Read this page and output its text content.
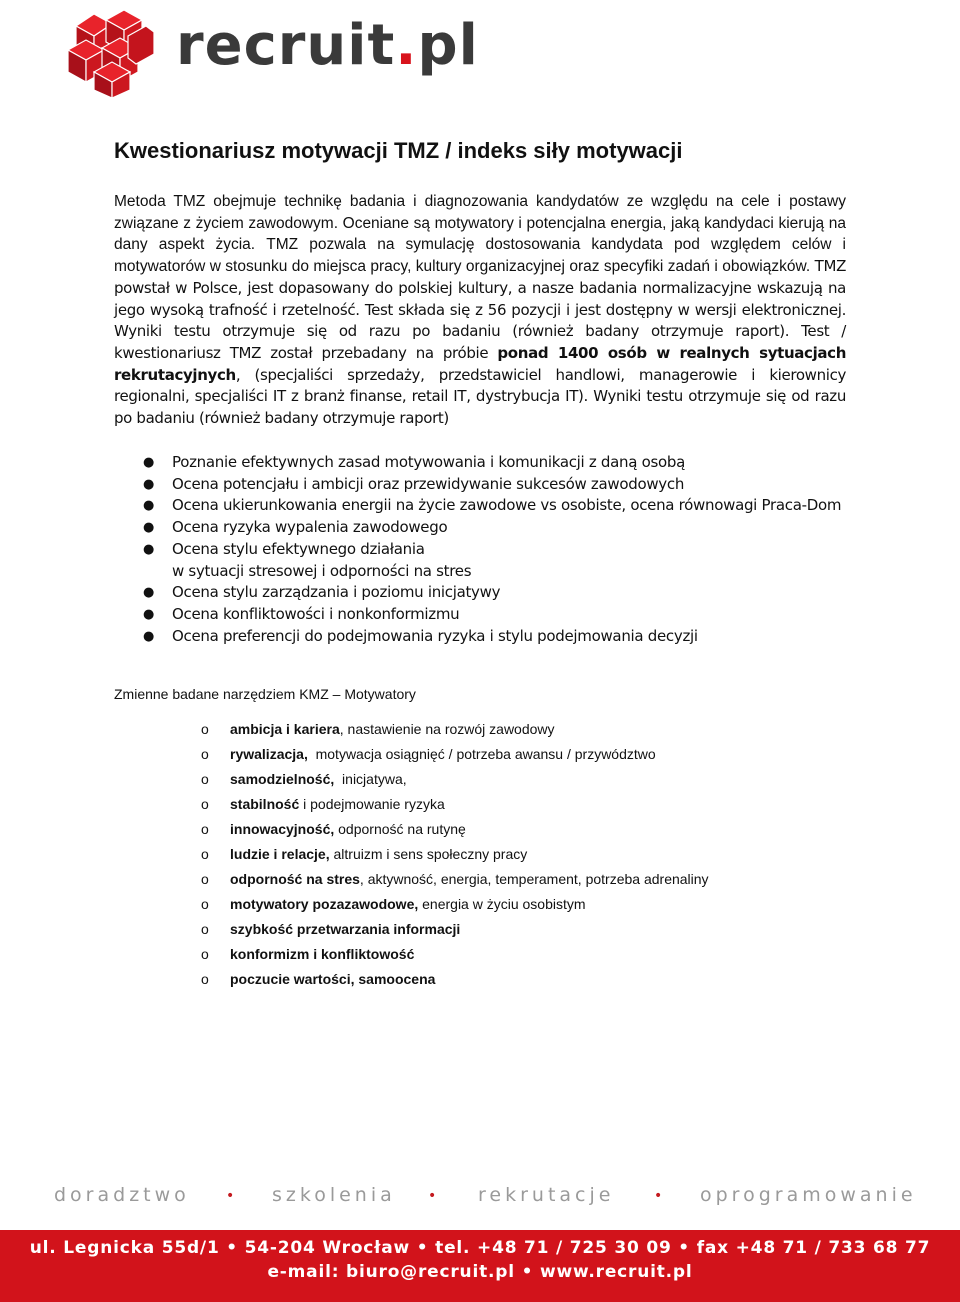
recruit.pl
Kwestionariusz motywacji TMZ / indeks siły motywacji

Metoda TMZ obejmuje technikę badania i diagnozowania kandydatów ze względu na cele i postawy związane z życiem zawodowym. Oceniane są motywatory i potencjalna energia, jaką kandydaci kierują na dany aspekt życia. TMZ pozwala na symulację dostosowania kandydata pod względem celów i motywatorów w stosunku do miejsca pracy, kultury organizacyjnej oraz specyfiki zadań i obowiązków. TMZ powstał w Polsce, jest dopasowany do polskiej kultury, a nasze badania normalizacyjne wskazują na jego wysoką trafność i rzetelność. Test składa się z 56 pozycji i jest dostępny w wersji elektronicznej. Wyniki testu otrzymuje się od razu po badaniu (również badany otrzymuje raport). Test / kwestionariusz TMZ został przebadany na próbie ponad 1400 osób w realnych sytuacjach rekrutacyjnych, (specjaliści sprzedaży, przedstawiciel handlowi, managerowie i kierownicy regionalni, specjaliści IT z branż finanse, retail IT, dystrybucja IT). Wyniki testu otrzymuje się od razu po badaniu (również badany otrzymuje raport)

● Poznanie efektywnych zasad motywowania i komunikacji z daną osobą
● Ocena potencjału i ambicji oraz przewidywanie sukcesów zawodowych
● Ocena ukierunkowania energii na życie zawodowe vs osobiste, ocena równowagi Praca-Dom
● Ocena ryzyka wypalenia zawodowego
● Ocena stylu efektywnego działania
w sytuacji stresowej i odporności na stres
● Ocena stylu zarządzania i poziomu inicjatywy
● Ocena konfliktowości i nonkonformizmu
● Ocena preferencji do podejmowania ryzyka i stylu podejmowania decyzji

Zmienne badane narzędziem KMZ – Motywatory

o ambicja i kariera, nastawienie na rozwój zawodowy
o rywalizacja,  motywacja osiągnięć / potrzeba awansu / przywództwo
o samodzielność,  inicjatywa,
o stabilność i podejmowanie ryzyka
o innowacyjność, odporność na rutynę
o ludzie i relacje, altruizm i sens społeczny pracy
o odporność na stres, aktywność, energia, temperament, potrzeba adrenaliny
o motywatory pozazawodowe, energia w życiu osobistym
o szybkość przetwarzania informacji
o konformizm i konfliktowość
o poczucie wartości, samoocena
doradztwo	• szkolenia • rekrutacje	• oprogramowanie
ul. Legnicka 55d/1 • 54-204 Wrocław • tel. +48 71 / 725 30 09 • fax +48 71 / 733 68 77
e-mail: biuro@recruit.pl • www.recruit.pl
